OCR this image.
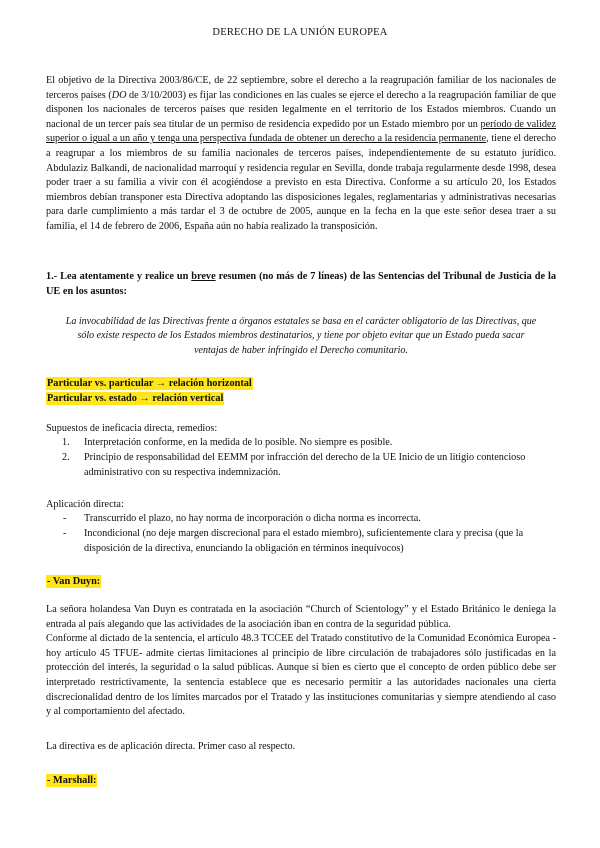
DERECHO DE LA UNIÓN EUROPEA
El objetivo de la Directiva 2003/86/CE, de 22 septiembre, sobre el derecho a la reagrupación familiar de los nacionales de terceros países (DO de 3/10/2003) es fijar las condiciones en las cuales se ejerce el derecho a la reagrupación familiar de que disponen los nacionales de terceros países que residen legalmente en el territorio de los Estados miembros. Cuando un nacional de un tercer país sea titular de un permiso de residencia expedido por un Estado miembro por un período de validez superior o igual a un año y tenga una perspectiva fundada de obtener un derecho a la residencia permanente, tiene el derecho a reagrupar a los miembros de su familia nacionales de terceros países, independientemente de su estatuto jurídico. Abdulaziz Balkandi, de nacionalidad marroquí y residencia regular en Sevilla, donde trabaja regularmente desde 1998, desea poder traer a su familia a vivir con él acogiéndose a previsto en esta Directiva. Conforme a su artículo 20, los Estados miembros debían transponer esta Directiva adoptando las disposiciones legales, reglamentarias y administrativas necesarias para darle cumplimiento a más tardar el 3 de octubre de 2005, aunque en la fecha en la que este señor desea traer a su familia, el 14 de febrero de 2006, España aún no había realizado la transposición.
1.- Lea atentamente y realice un breve resumen (no más de 7 líneas) de las Sentencias del Tribunal de Justicia de la UE en los asuntos:
La invocabilidad de las Directivas frente a órganos estatales se basa en el carácter obligatorio de las Directivas, que sólo existe respecto de los Estados miembros destinatarios, y tiene por objeto evitar que un Estado pueda sacar ventajas de haber infringido el Derecho comunitario.
Particular vs. particular → relación horizontal
Particular vs. estado → relación vertical
Supuestos de ineficacia directa, remedios:
1. Interpretación conforme, en la medida de lo posible. No siempre es posible.
2. Principio de responsabilidad del EEMM por infracción del derecho de la UE Inicio de un litigio contencioso administrativo con su respectiva indemnización.
Aplicación directa:
- Transcurrido el plazo, no hay norma de incorporación o dicha norma es incorrecta.
- Incondicional (no deje margen discrecional para el estado miembro), suficientemente clara y precisa (que la disposición de la directiva, enunciando la obligación en términos inequívocos)
- Van Duyn:

La señora holandesa Van Duyn es contratada en la asociación “Church of Scientology” y el Estado Británico le deniega la entrada al país alegando que las actividades de la asociación iban en contra de la seguridad pública.

Conforme al dictado de la sentencia, el artículo 48.3 TCCEE del Tratado constitutivo de la Comunidad Económica Europea -hoy artículo 45 TFUE- admite ciertas limitaciones al principio de libre circulación de trabajadores sólo justificadas en la protección del interés, la seguridad o la salud públicas. Aunque si bien es cierto que el concepto de orden público debe ser interpretado restrictivamente, la sentencia establece que es necesario permitir a las autoridades nacionales una cierta discrecionalidad dentro de los límites marcados por el Tratado y las instituciones comunitarias y siempre atendiendo al caso y al comportamiento del afectado.

La directiva es de aplicación directa. Primer caso al respecto.
- Marshall:
